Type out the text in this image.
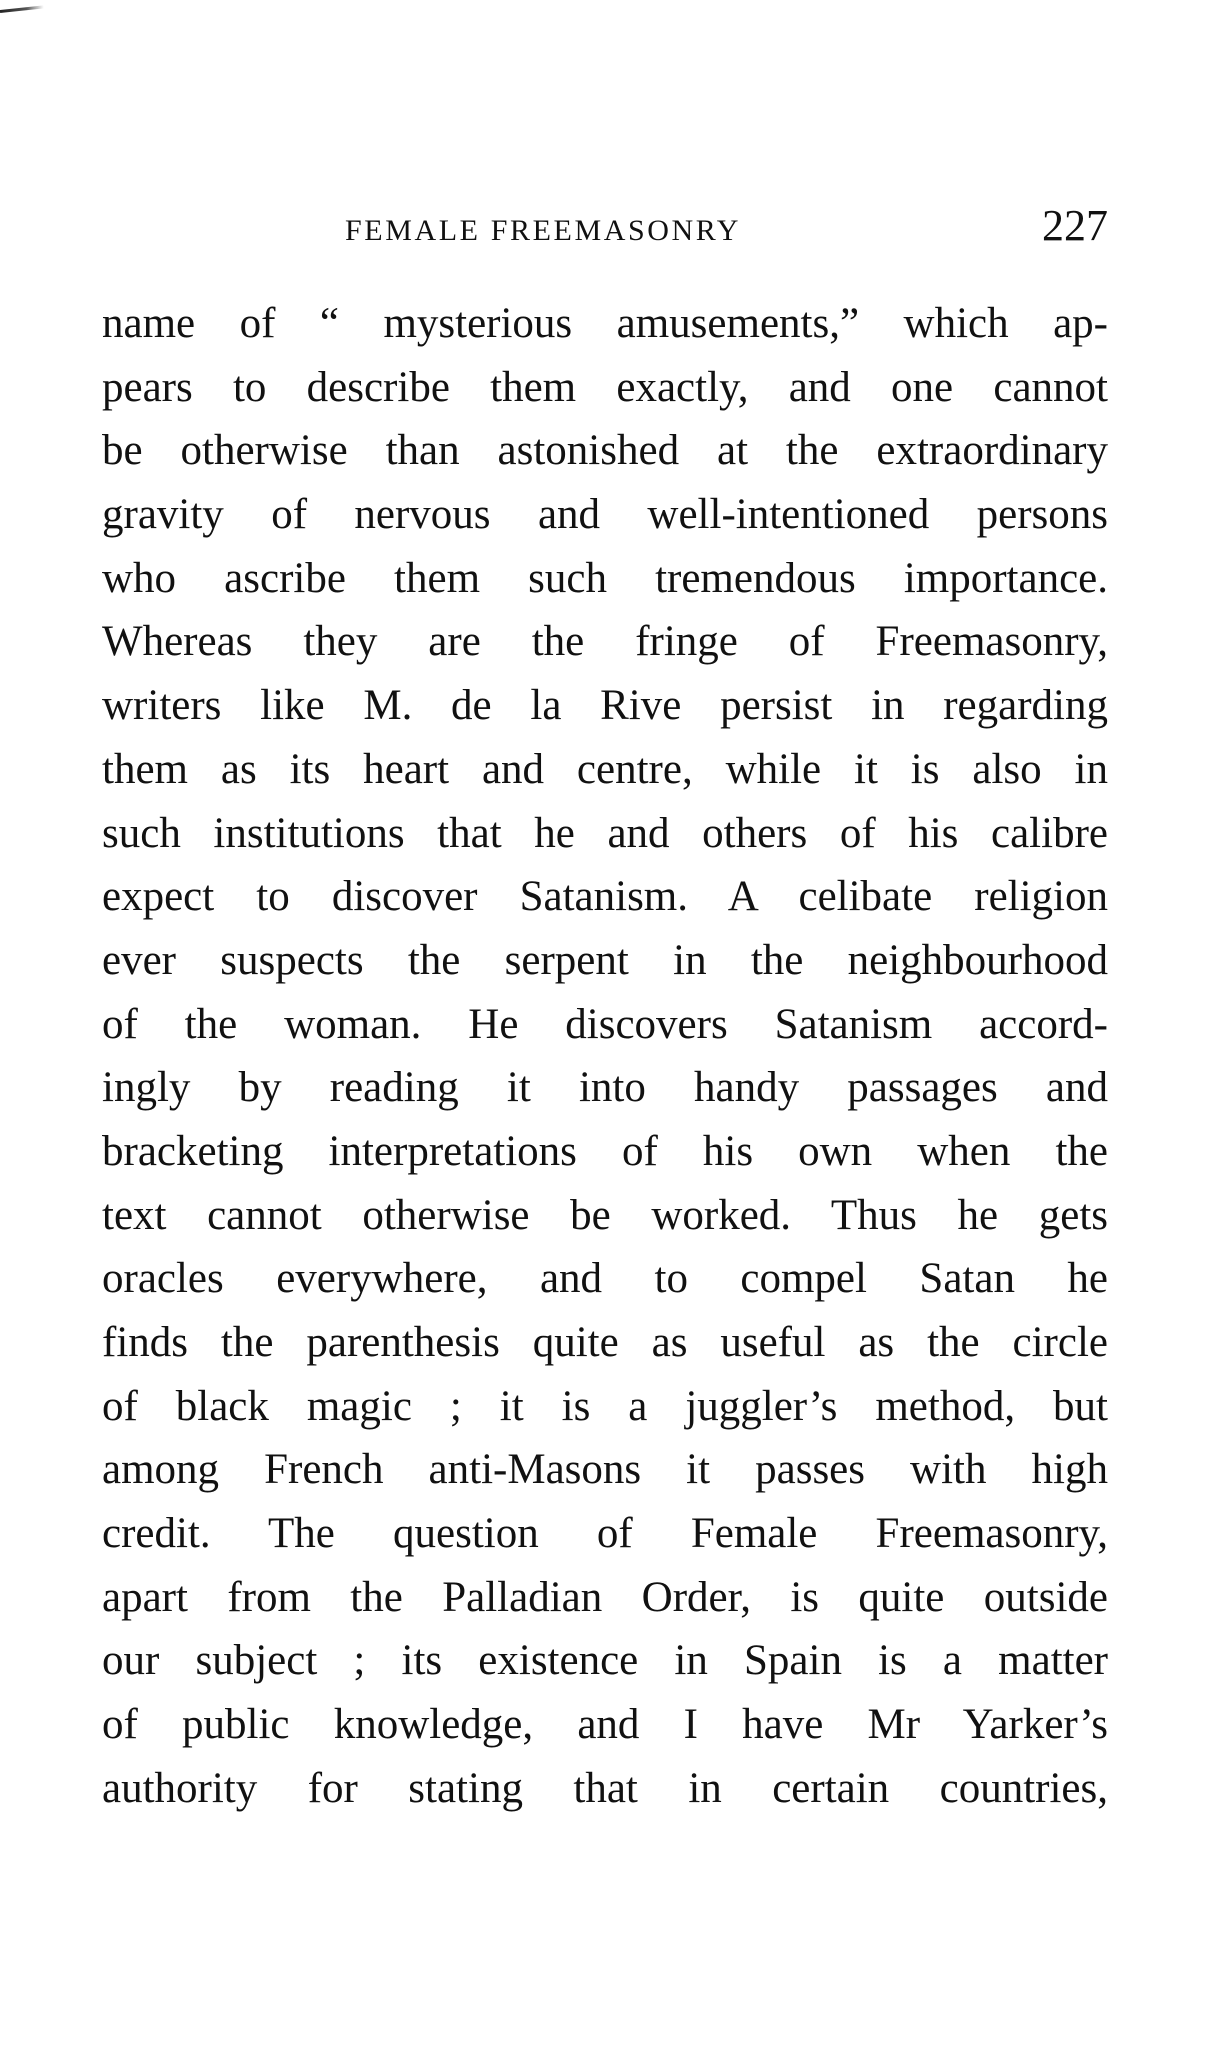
FEMALE FREEMASONRY	227
name of “ mysterious amusements,” which ap-
pears to describe them exactly, and one cannot
be otherwise than astonished at the extraordinary
gravity of nervous and well-intentioned persons
who ascribe them such tremendous importance.
Whereas they are the fringe of Freemasonry,
writers like M. de la Rive persist in regarding
them as its heart and centre, while it is also in
such institutions that he and others of his calibre
expect to discover Satanism. A celibate religion
ever suspects the serpent in the neighbourhood
of the woman. He discovers Satanism accord-
ingly by reading it into handy passages and
bracketing interpretations of his own when the
text cannot otherwise be worked. Thus he gets
oracles everywhere, and to compel Satan he
finds the parenthesis quite as useful as the circle
of black magic ; it is a juggler’s method, but
among French anti-Masons it passes with high
credit. The question of Female Freemasonry,
apart from the Palladian Order, is quite outside
our subject ; its existence in Spain is a matter
of public knowledge, and I have Mr Yarker’s
authority for stating that in certain countries,
